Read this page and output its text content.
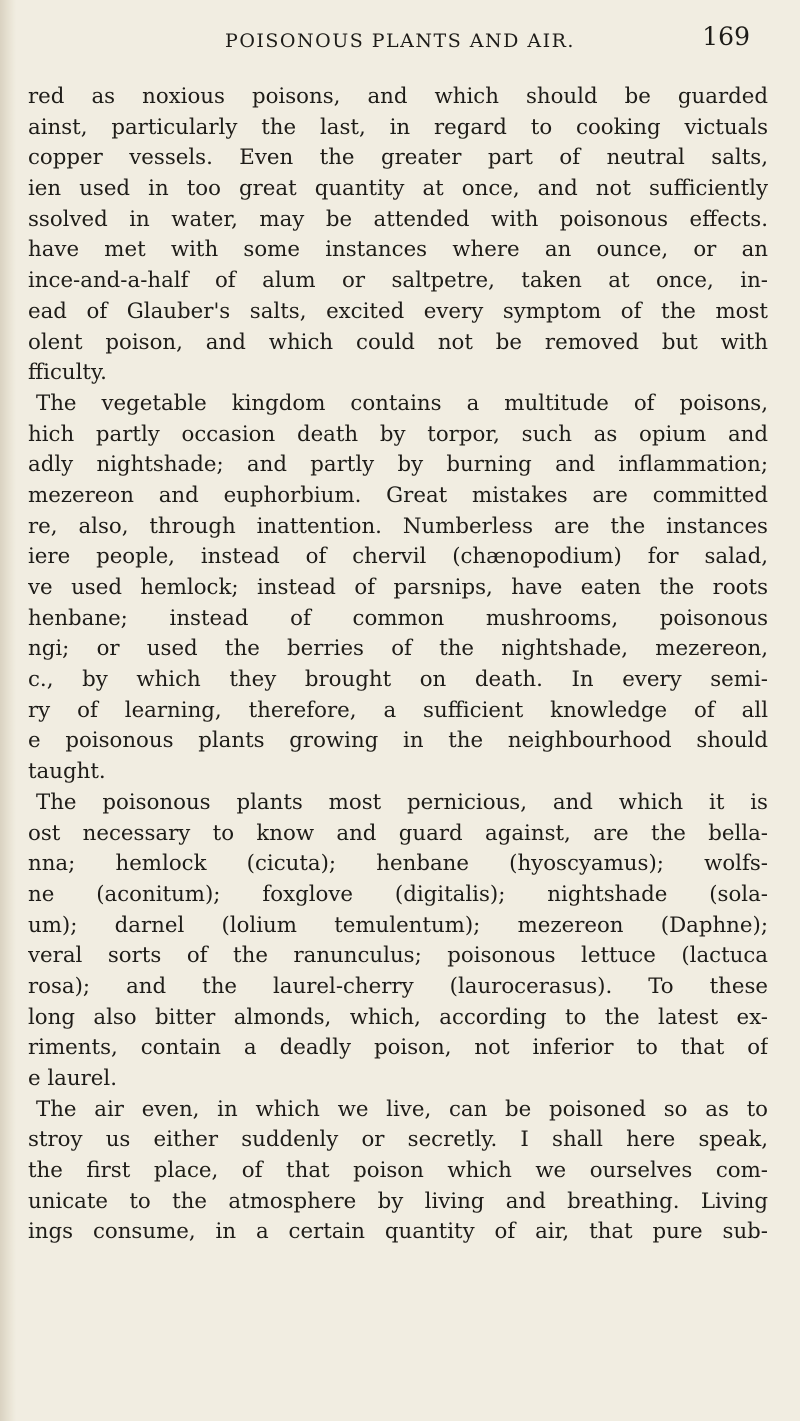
POISONOUS PLANTS AND AIR.	169
red as noxious poisons, and which should be guarded
ainst, particularly the last, in regard to cooking victuals
copper vessels. Even the greater part of neutral salts,
ien used in too great quantity at once, and not sufficiently
ssolved in water, may be attended with poisonous effects.
have met with some instances where an ounce, or an
ince-and-a-half of alum or saltpetre, taken at once, in-
ead of Glauber's salts, excited every symptom of the most
olent poison, and which could not be removed but with
fficulty.
The vegetable kingdom contains a multitude of poisons,
hich partly occasion death by torpor, such as opium and
adly nightshade; and partly by burning and inflammation;
mezereon and euphorbium. Great mistakes are committed
re, also, through inattention. Numberless are the instances
iere people, instead of chervil (chænopodium) for salad,
ve used hemlock; instead of parsnips, have eaten the roots
henbane; instead of common mushrooms, poisonous
ngi; or used the berries of the nightshade, mezereon,
c., by which they brought on death. In every semi-
ry of learning, therefore, a sufficient knowledge of all
e poisonous plants growing in the neighbourhood should
taught.
The poisonous plants most pernicious, and which it is
ost necessary to know and guard against, are the bella-
nna; hemlock (cicuta); henbane (hyoscyamus); wolfs-
ne (aconitum); foxglove (digitalis); nightshade (sola-
um); darnel (lolium temulentum); mezereon (Daphne);
veral sorts of the ranunculus; poisonous lettuce (lactuca
rosa); and the laurel-cherry (laurocerasus). To these
long also bitter almonds, which, according to the latest ex-
riments, contain a deadly poison, not inferior to that of
e laurel.
The air even, in which we live, can be poisoned so as to
stroy us either suddenly or secretly. I shall here speak,
the first place, of that poison which we ourselves com-
unicate to the atmosphere by living and breathing. Living
ings consume, in a certain quantity of air, that pure sub-
